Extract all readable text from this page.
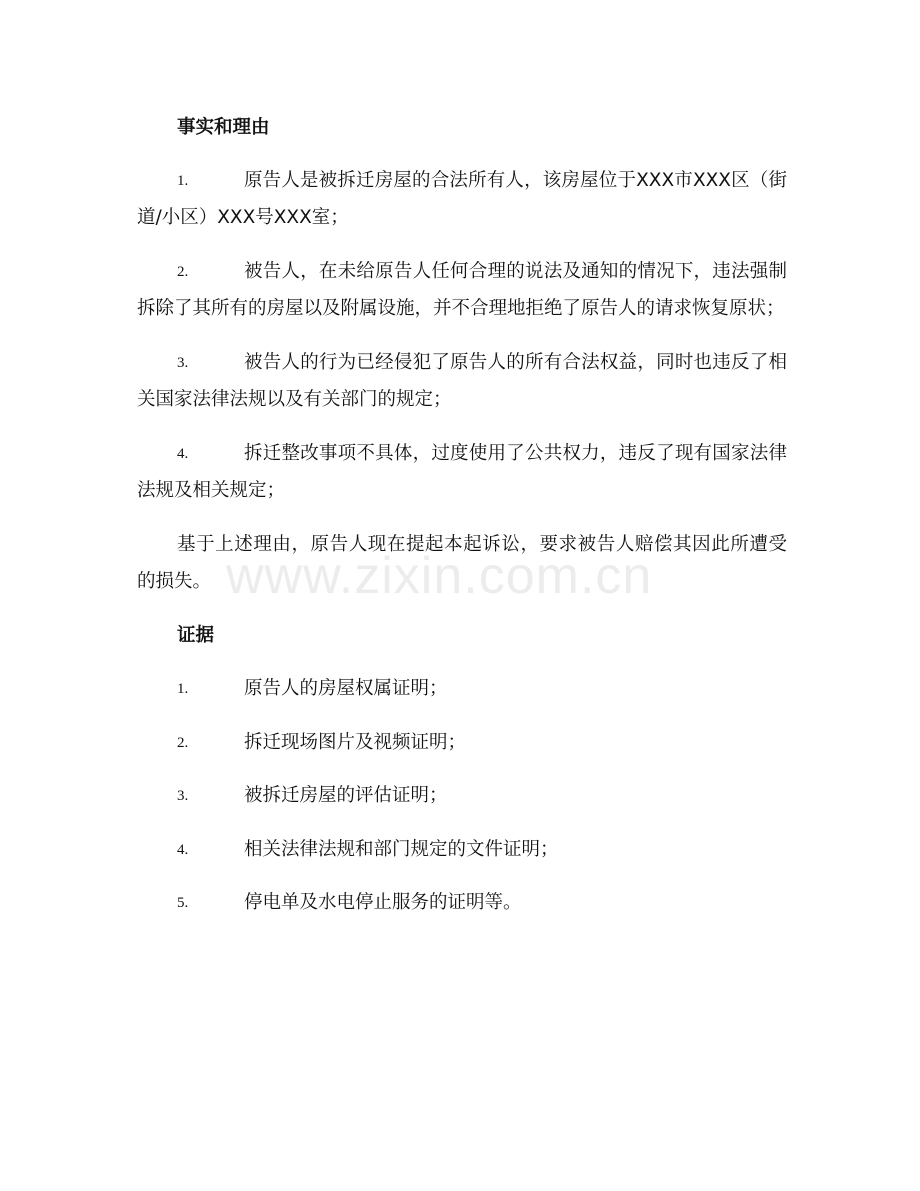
www.zixin.com.cn
事实和理由
1.	原告人是被拆迁房屋的合法所有人，该房屋位于XXX市XXX区（街道/小区）XXX号XXX室；
2.	被告人，在未给原告人任何合理的说法及通知的情况下，违法强制拆除了其所有的房屋以及附属设施，并不合理地拒绝了原告人的请求恢复原状；
3.	被告人的行为已经侵犯了原告人的所有合法权益，同时也违反了相关国家法律法规以及有关部门的规定；
4.	拆迁整改事项不具体，过度使用了公共权力，违反了现有国家法律法规及相关规定；
基于上述理由，原告人现在提起本起诉讼，要求被告人赔偿其因此所遭受的损失。
证据
1.	原告人的房屋权属证明；
2.	拆迁现场图片及视频证明；
3.	被拆迁房屋的评估证明；
4.	相关法律法规和部门规定的文件证明；
5.	停电单及水电停止服务的证明等。
